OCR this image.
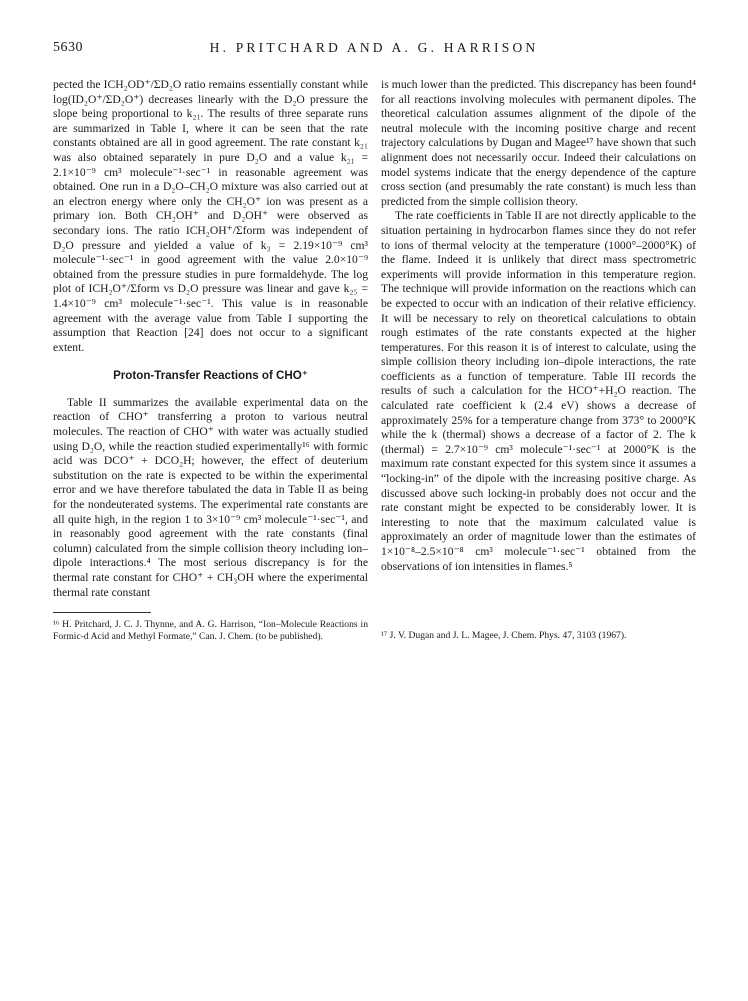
5630	H. PRITCHARD AND A. G. HARRISON

pected the ICH₂OD⁺/ΣD₂O ratio remains essentially constant while log(ID₂O⁺/ΣD₂O⁺) decreases linearly with the D₂O pressure the slope being proportional to k₂₁. The results of three separate runs are summarized in Table I, where it can be seen that the rate constants obtained are all in good agreement. The rate constant k₂₁ was also obtained separately in pure D₂O and a value k₂₁ = 2.1×10⁻⁹ cm³ molecule⁻¹·sec⁻¹ in reasonable agreement was obtained. One run in a D₂O–CH₂O mixture was also carried out at an electron energy where only the CH₂O⁺ ion was present as a primary ion. Both CH₂OH⁺ and D₂OH⁺ were observed as secondary ions. The ratio ICH₂OH⁺/Σform was independent of D₂O pressure and yielded a value of k₃ = 2.19×10⁻⁹ cm³ molecule⁻¹·sec⁻¹ in good agreement with the value 2.0×10⁻⁹ obtained from the pressure studies in pure formaldehyde. The log plot of ICH₂O⁺/Σform vs D₂O pressure was linear and gave k₂₅ = 1.4×10⁻⁹ cm³ molecule⁻¹·sec⁻¹. This value is in reasonable agreement with the average value from Table I supporting the assumption that Reaction [24] does not occur to a significant extent.

Proton-Transfer Reactions of CHO⁺

Table II summarizes the available experimental data on the reaction of CHO⁺ transferring a proton to various neutral molecules. The reaction of CHO⁺ with water was actually studied using D₂O, while the reaction studied experimentally¹⁶ with formic acid was DCO⁺ + DCO₂H; however, the effect of deuterium substitution on the rate is expected to be within the experimental error and we have therefore tabulated the data in Table II as being for the nondeuterated systems. The experimental rate constants are all quite high, in the region 1 to 3×10⁻⁹ cm³ molecule⁻¹·sec⁻¹, and in reasonably good agreement with the rate constants (final column) calculated from the simple collision theory including ion–dipole interactions.⁴ The most serious discrepancy is for the thermal rate constant for CHO⁺ + CH₃OH where the experimental thermal rate constant

¹⁶ H. Pritchard, J. C. J. Thynne, and A. G. Harrison, “Ion–Molecule Reactions in Formic-d Acid and Methyl Formate,” Can. J. Chem. (to be published).

is much lower than the predicted. This discrepancy has been found⁴ for all reactions involving molecules with permanent dipoles. The theoretical calculation assumes alignment of the dipole of the neutral molecule with the incoming positive charge and recent trajectory calculations by Dugan and Magee¹⁷ have shown that such alignment does not necessarily occur. Indeed their calculations on model systems indicate that the energy dependence of the capture cross section (and presumably the rate constant) is much less than predicted from the simple collision theory.

The rate coefficients in Table II are not directly applicable to the situation pertaining in hydrocarbon flames since they do not refer to ions of thermal velocity at the temperature (1000°–2000°K) of the flame. Indeed it is unlikely that direct mass spectrometric experiments will provide information in this temperature region. The technique will provide information on the reactions which can be expected to occur with an indication of their relative efficiency. It will be necessary to rely on theoretical calculations to obtain rough estimates of the rate constants expected at the higher temperatures. For this reason it is of interest to calculate, using the simple collision theory including ion–dipole interactions, the rate coefficients as a function of temperature. Table III records the results of such a calculation for the HCO⁺+H₂O reaction. The calculated rate coefficient k (2.4 eV) shows a decrease of approximately 25% for a temperature change from 373° to 2000°K while the k (thermal) shows a decrease of a factor of 2. The k (thermal) = 2.7×10⁻⁹ cm³ molecule⁻¹·sec⁻¹ at 2000°K is the maximum rate constant expected for this system since it assumes a “locking-in” of the dipole with the increasing positive charge. As discussed above such locking-in probably does not occur and the rate constant might be expected to be considerably lower. It is interesting to note that the maximum calculated value is approximately an order of magnitude lower than the estimates of 1×10⁻⁸–2.5×10⁻⁸ cm³ molecule⁻¹·sec⁻¹ obtained from the observations of ion intensities in flames.⁵

¹⁷ J. V. Dugan and J. L. Magee, J. Chem. Phys. 47, 3103 (1967).
